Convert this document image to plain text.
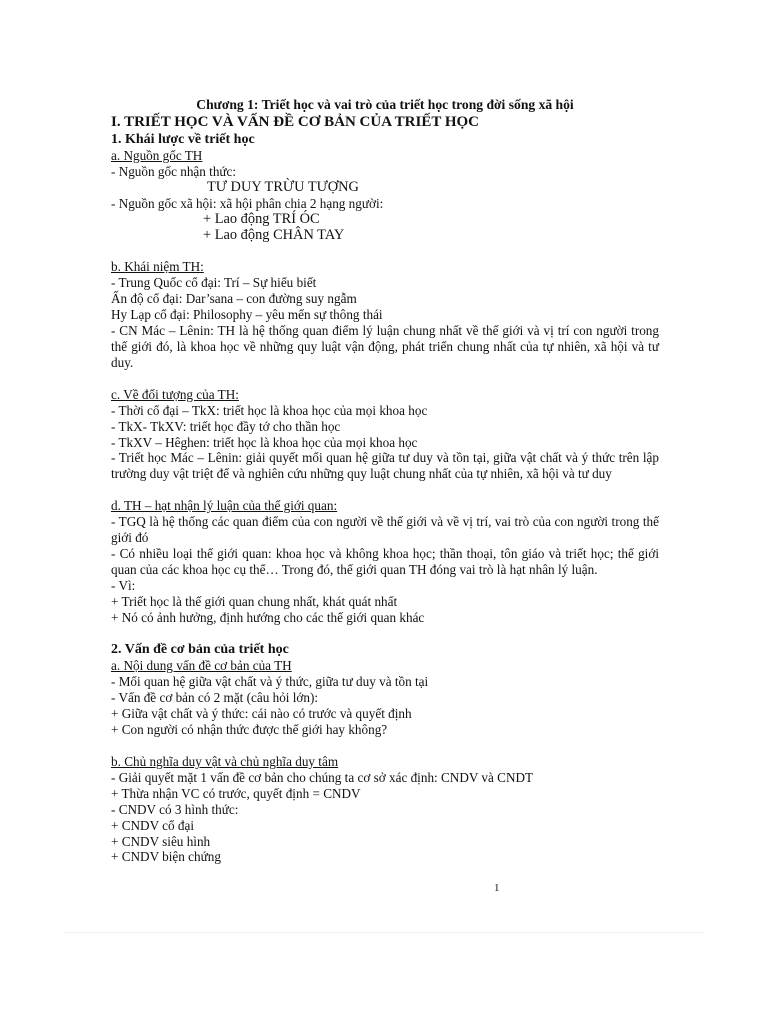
Chương 1: Triết học và vai trò của triết học trong đời sống xã hội
I. TRIẾT HỌC VÀ VẤN ĐỀ CƠ BẢN CỦA TRIẾT HỌC
1. Khái lược về triết học
a. Nguồn gốc TH
- Nguồn gốc nhận thức:
TƯ DUY TRỪU TƯỢNG
- Nguồn gốc xã hội: xã hội phân chia 2 hạng người:
+ Lao động TRÍ ÓC
+ Lao động CHÂN TAY
b. Khái niệm TH:
- Trung Quốc cổ đại: Trí – Sự hiểu biết
Ấn độ cổ đại: Dar’sana – con đường suy ngẫm
Hy Lạp cổ đại: Philosophy – yêu mến sự thông thái
- CN Mác – Lênin: TH là hệ thống quan điểm lý luận chung nhất về thế giới và vị trí con người trong thế giới đó, là khoa học về những quy luật vận động, phát triển chung nhất của tự nhiên, xã hội và tư duy.
c. Về đối tượng của TH:
- Thời cổ đại – TkX: triết học là khoa học của mọi khoa học
- TkX- TkXV: triết học đầy tớ cho thần học
- TkXV – Hêghen: triết học là khoa học của mọi khoa học
- Triết học Mác – Lênin: giải quyết mối quan hệ giữa tư duy và tồn tại, giữa vật chất và ý thức trên lập trường duy vật triệt để và nghiên cứu những quy luật chung nhất của tự nhiên, xã hội và tư duy
d. TH – hạt nhận lý luận của thế giới quan:
- TGQ là hệ thống các quan điểm của con người về thế giới và về vị trí, vai trò của con người trong thế giới đó
- Có nhiều loại thế giới quan: khoa học và không khoa học; thần thoại, tôn giáo và triết học; thế giới quan của các khoa học cụ thể… Trong đó, thế giới quan TH đóng vai trò là hạt nhân lý luận.
- Vì:
+ Triết học là thế giới quan chung nhất, khát quát nhất
+ Nó có ảnh hưởng, định hướng cho các thế giới quan khác
2. Vấn đề cơ bản của triết học
a. Nội dung vấn đề cơ bản của TH
- Mối quan hệ giữa vật chất và ý thức, giữa tư duy và tồn tại
- Vấn đề cơ bản có 2 mặt (câu hỏi lớn):
+ Giữa vật chất và ý thức: cái nào có trước và quyết định
+ Con người có nhận thức được thế giới hay không?
b. Chủ nghĩa duy vật và chủ nghĩa duy tâm
- Giải quyết mặt 1 vấn đề cơ bản cho chúng ta cơ sở xác định: CNDV và CNDT
+ Thừa nhận VC có trước, quyết định = CNDV
- CNDV có 3 hình thức:
+ CNDV cổ đại
+ CNDV siêu hình
+ CNDV biện chứng
1
